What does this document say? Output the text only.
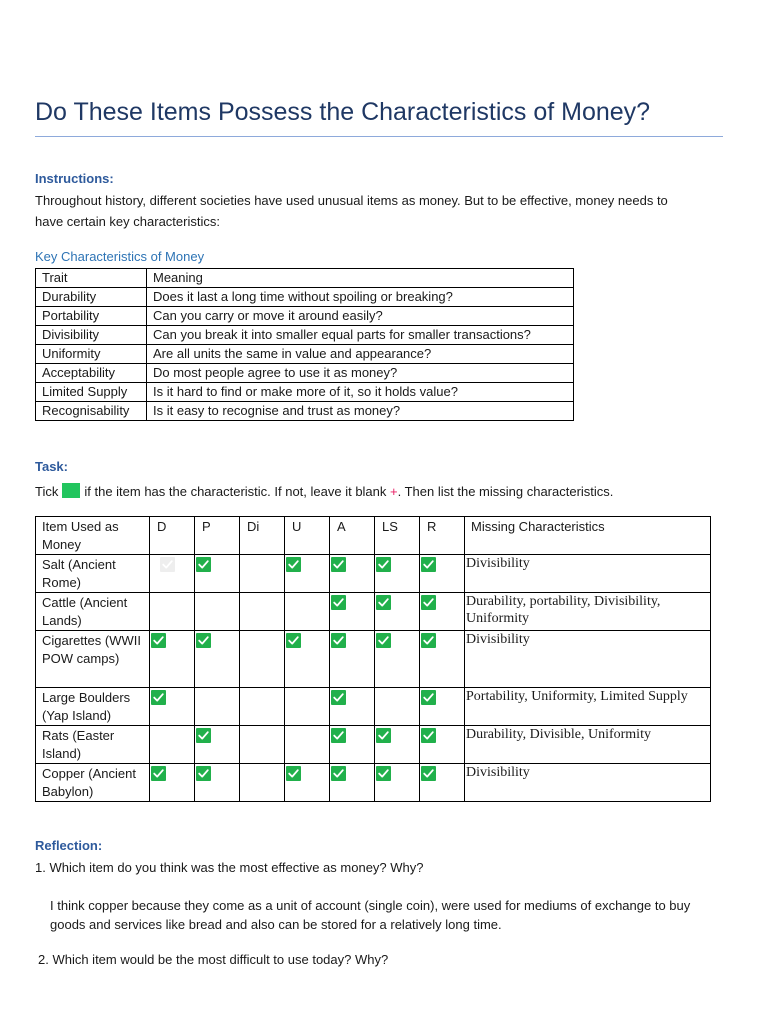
Do These Items Possess the Characteristics of Money?
Instructions:
Throughout history, different societies have used unusual items as money. But to be effective, money needs to
have certain key characteristics:
Key Characteristics of Money
Trait	Meaning
Durability	Does it last a long time without spoiling or breaking?
Portability	Can you carry or move it around easily?
Divisibility	Can you break it into smaller equal parts for smaller transactions?
Uniformity	Are all units the same in value and appearance?
Acceptability	Do most people agree to use it as money?
Limited Supply	Is it hard to find or make more of it, so it holds value?
Recognisability	Is it easy to recognise and trust as money?
Task:
Tick if the item has the characteristic. If not, leave it blank +. Then list the missing characteristics.
Item Used as Money	D	P	Di	U	A	LS	R	Missing Characteristics
Salt (Ancient Rome)								Divisibility
Cattle (Ancient Lands)								Durability, portability, Divisibility, Uniformity
Cigarettes (WWII POW camps)								Divisibility
Large Boulders (Yap Island)								Portability, Uniformity, Limited Supply
Rats (Easter Island)								Durability, Divisible, Uniformity
Copper (Ancient Babylon)								Divisibility
Reflection:
1. Which item do you think was the most effective as money? Why?
I think copper because they come as a unit of account (single coin), were used for mediums of exchange to buy
goods and services like bread and also can be stored for a relatively long time.
2. Which item would be the most difficult to use today? Why?
